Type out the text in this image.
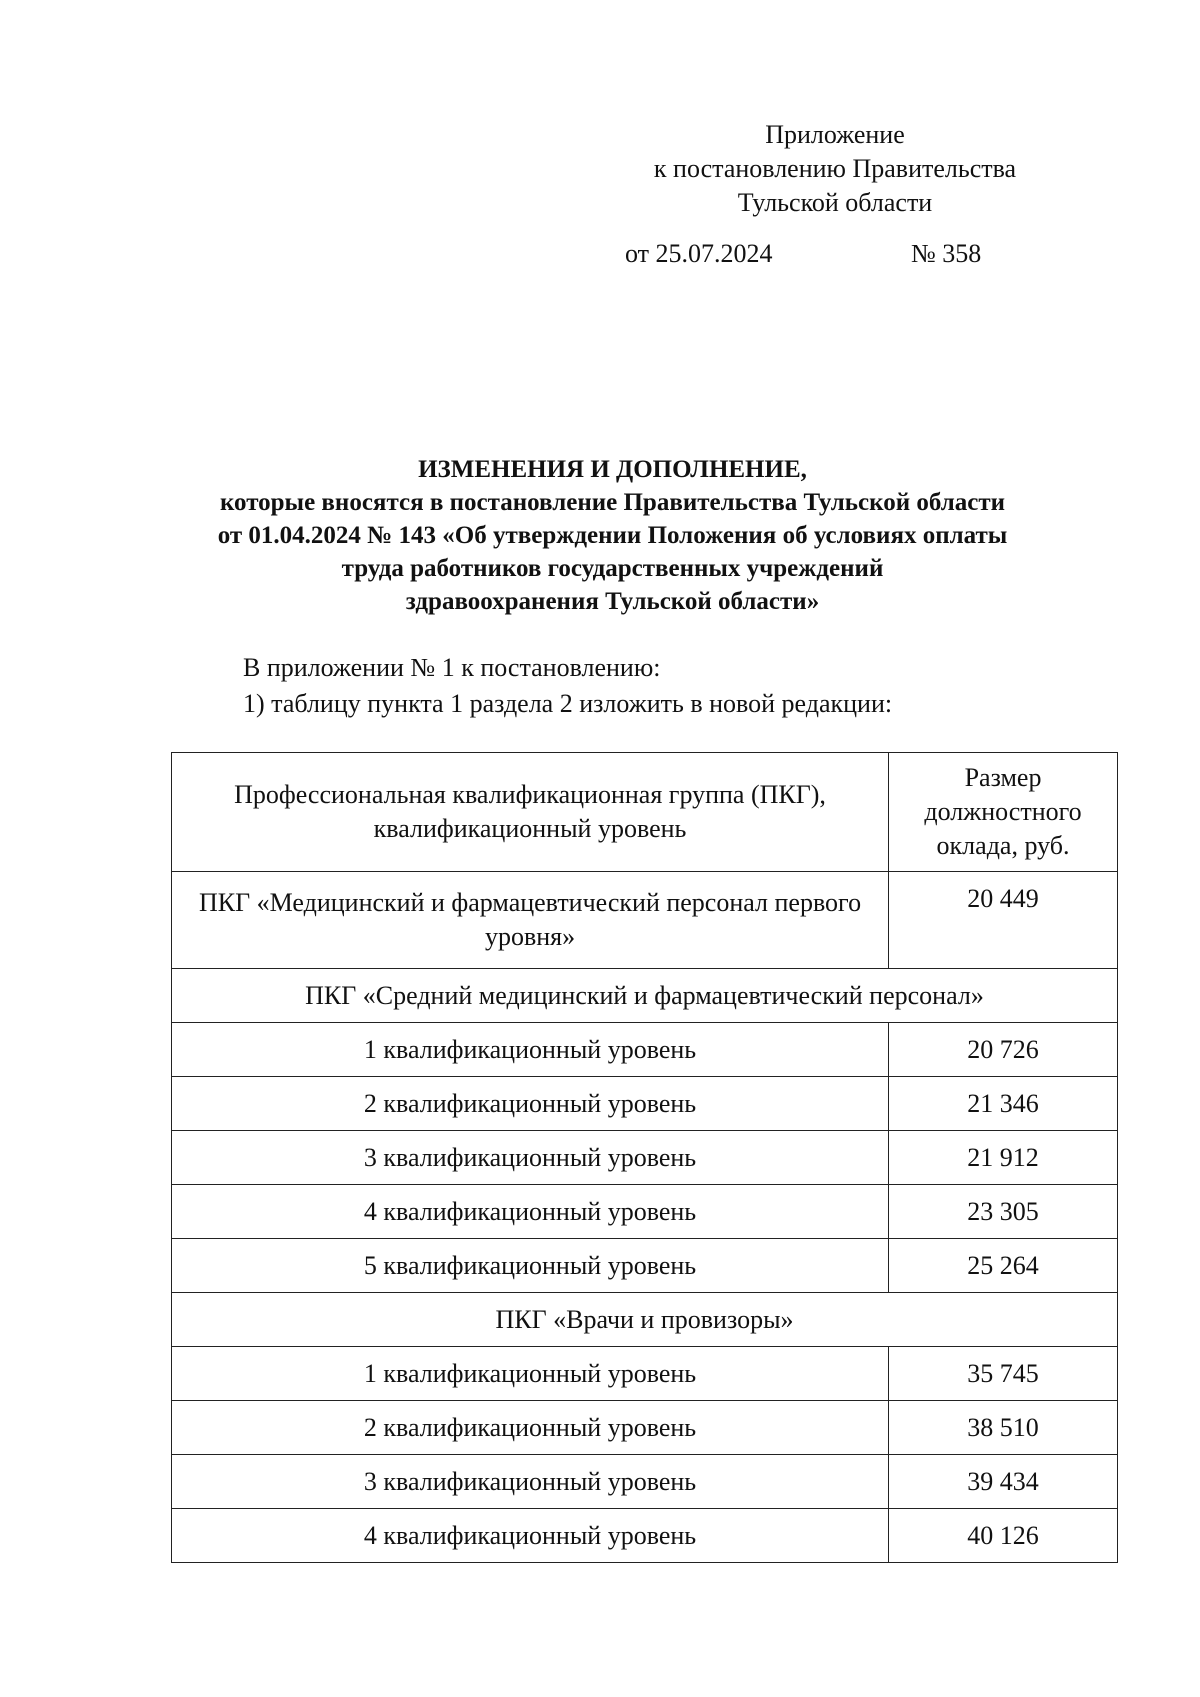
Приложение
к постановлению Правительства
Тульской области
от 25.07.2024	№ 358
ИЗМЕНЕНИЯ И ДОПОЛНЕНИЕ,
которые вносятся в постановление Правительства Тульской области
от 01.04.2024 № 143 «Об утверждении Положения об условиях оплаты
труда работников государственных учреждений
здравоохранения Тульской области»
В приложении № 1 к постановлению:
1) таблицу пункта 1 раздела 2 изложить в новой редакции:
Профессиональная квалификационная группа (ПКГ), квалификационный уровень	Размер должностного оклада, руб.
ПКГ «Медицинский и фармацевтический персонал первого уровня»	20 449
ПКГ «Средний медицинский и фармацевтический персонал»	
1 квалификационный уровень	20 726
2 квалификационный уровень	21 346
3 квалификационный уровень	21 912
4 квалификационный уровень	23 305
5 квалификационный уровень	25 264
ПКГ «Врачи и провизоры»	
1 квалификационный уровень	35 745
2 квалификационный уровень	38 510
3 квалификационный уровень	39 434
4 квалификационный уровень	40 126
